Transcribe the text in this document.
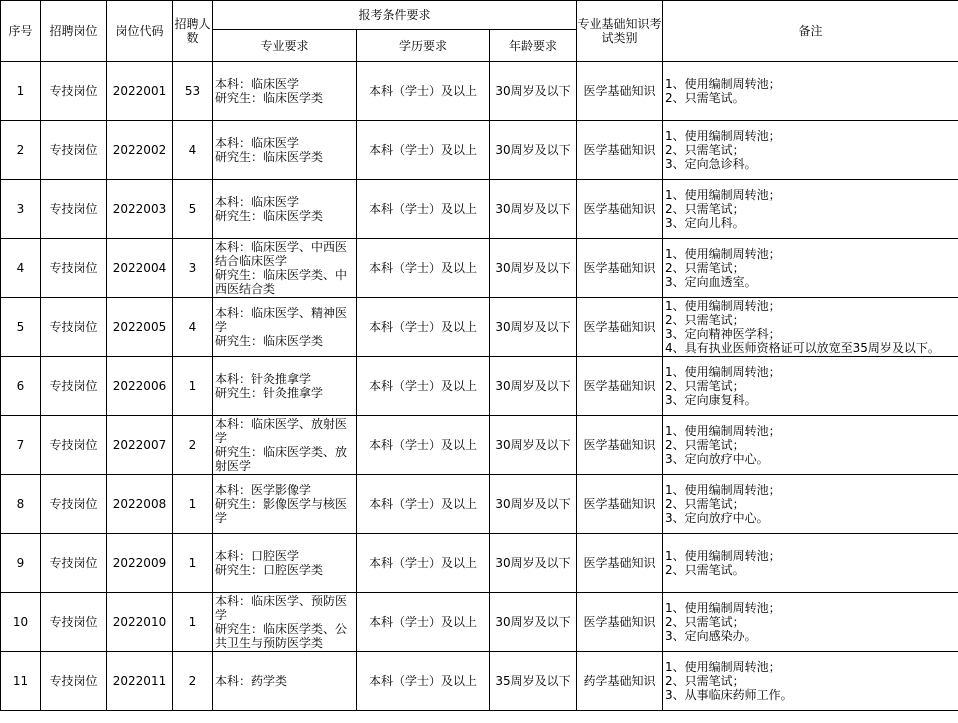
序号	招聘岗位	岗位代码	招聘人数	报考条件要求			专业基础知识考试类别	备注
				专业要求	学历要求	年龄要求		
1	专技岗位	2022001	53	本科：临床医学
研究生：临床医学类	本科（学士）及以上	30周岁及以下	医学基础知识	1、使用编制周转池；
2、只需笔试。
2	专技岗位	2022002	4	本科：临床医学
研究生：临床医学类	本科（学士）及以上	30周岁及以下	医学基础知识	1、使用编制周转池；
2、只需笔试；
3、定向急诊科。
3	专技岗位	2022003	5	本科：临床医学
研究生：临床医学类	本科（学士）及以上	30周岁及以下	医学基础知识	1、使用编制周转池；
2、只需笔试；
3、定向儿科。
4	专技岗位	2022004	3	本科：临床医学、中西医结合临床医学
研究生：临床医学类、中西医结合类	本科（学士）及以上	30周岁及以下	医学基础知识	1、使用编制周转池；
2、只需笔试；
3、定向血透室。
5	专技岗位	2022005	4	本科：临床医学、精神医学
研究生：临床医学类	本科（学士）及以上	30周岁及以下	医学基础知识	1、使用编制周转池；
2、只需笔试；
3、定向精神医学科；
4、具有执业医师资格证可以放宽至35周岁及以下。
6	专技岗位	2022006	1	本科：针灸推拿学
研究生：针灸推拿学	本科（学士）及以上	30周岁及以下	医学基础知识	1、使用编制周转池；
2、只需笔试；
3、定向康复科。
7	专技岗位	2022007	2	本科：临床医学、放射医学
研究生：临床医学类、放射医学	本科（学士）及以上	30周岁及以下	医学基础知识	1、使用编制周转池；
2、只需笔试；
3、定向放疗中心。
8	专技岗位	2022008	1	本科：医学影像学
研究生：影像医学与核医学	本科（学士）及以上	30周岁及以下	医学基础知识	1、使用编制周转池；
2、只需笔试；
3、定向放疗中心。
9	专技岗位	2022009	1	本科：口腔医学
研究生：口腔医学类	本科（学士）及以上	30周岁及以下	医学基础知识	1、使用编制周转池；
2、只需笔试。
10	专技岗位	2022010	1	本科：临床医学、预防医学
研究生：临床医学类、公共卫生与预防医学类	本科（学士）及以上	30周岁及以下	医学基础知识	1、使用编制周转池；
2、只需笔试；
3、定向感染办。
11	专技岗位	2022011	2	本科：药学类	本科（学士）及以上	35周岁及以下	药学基础知识	1、使用编制周转池；
2、只需笔试；
3、从事临床药师工作。
